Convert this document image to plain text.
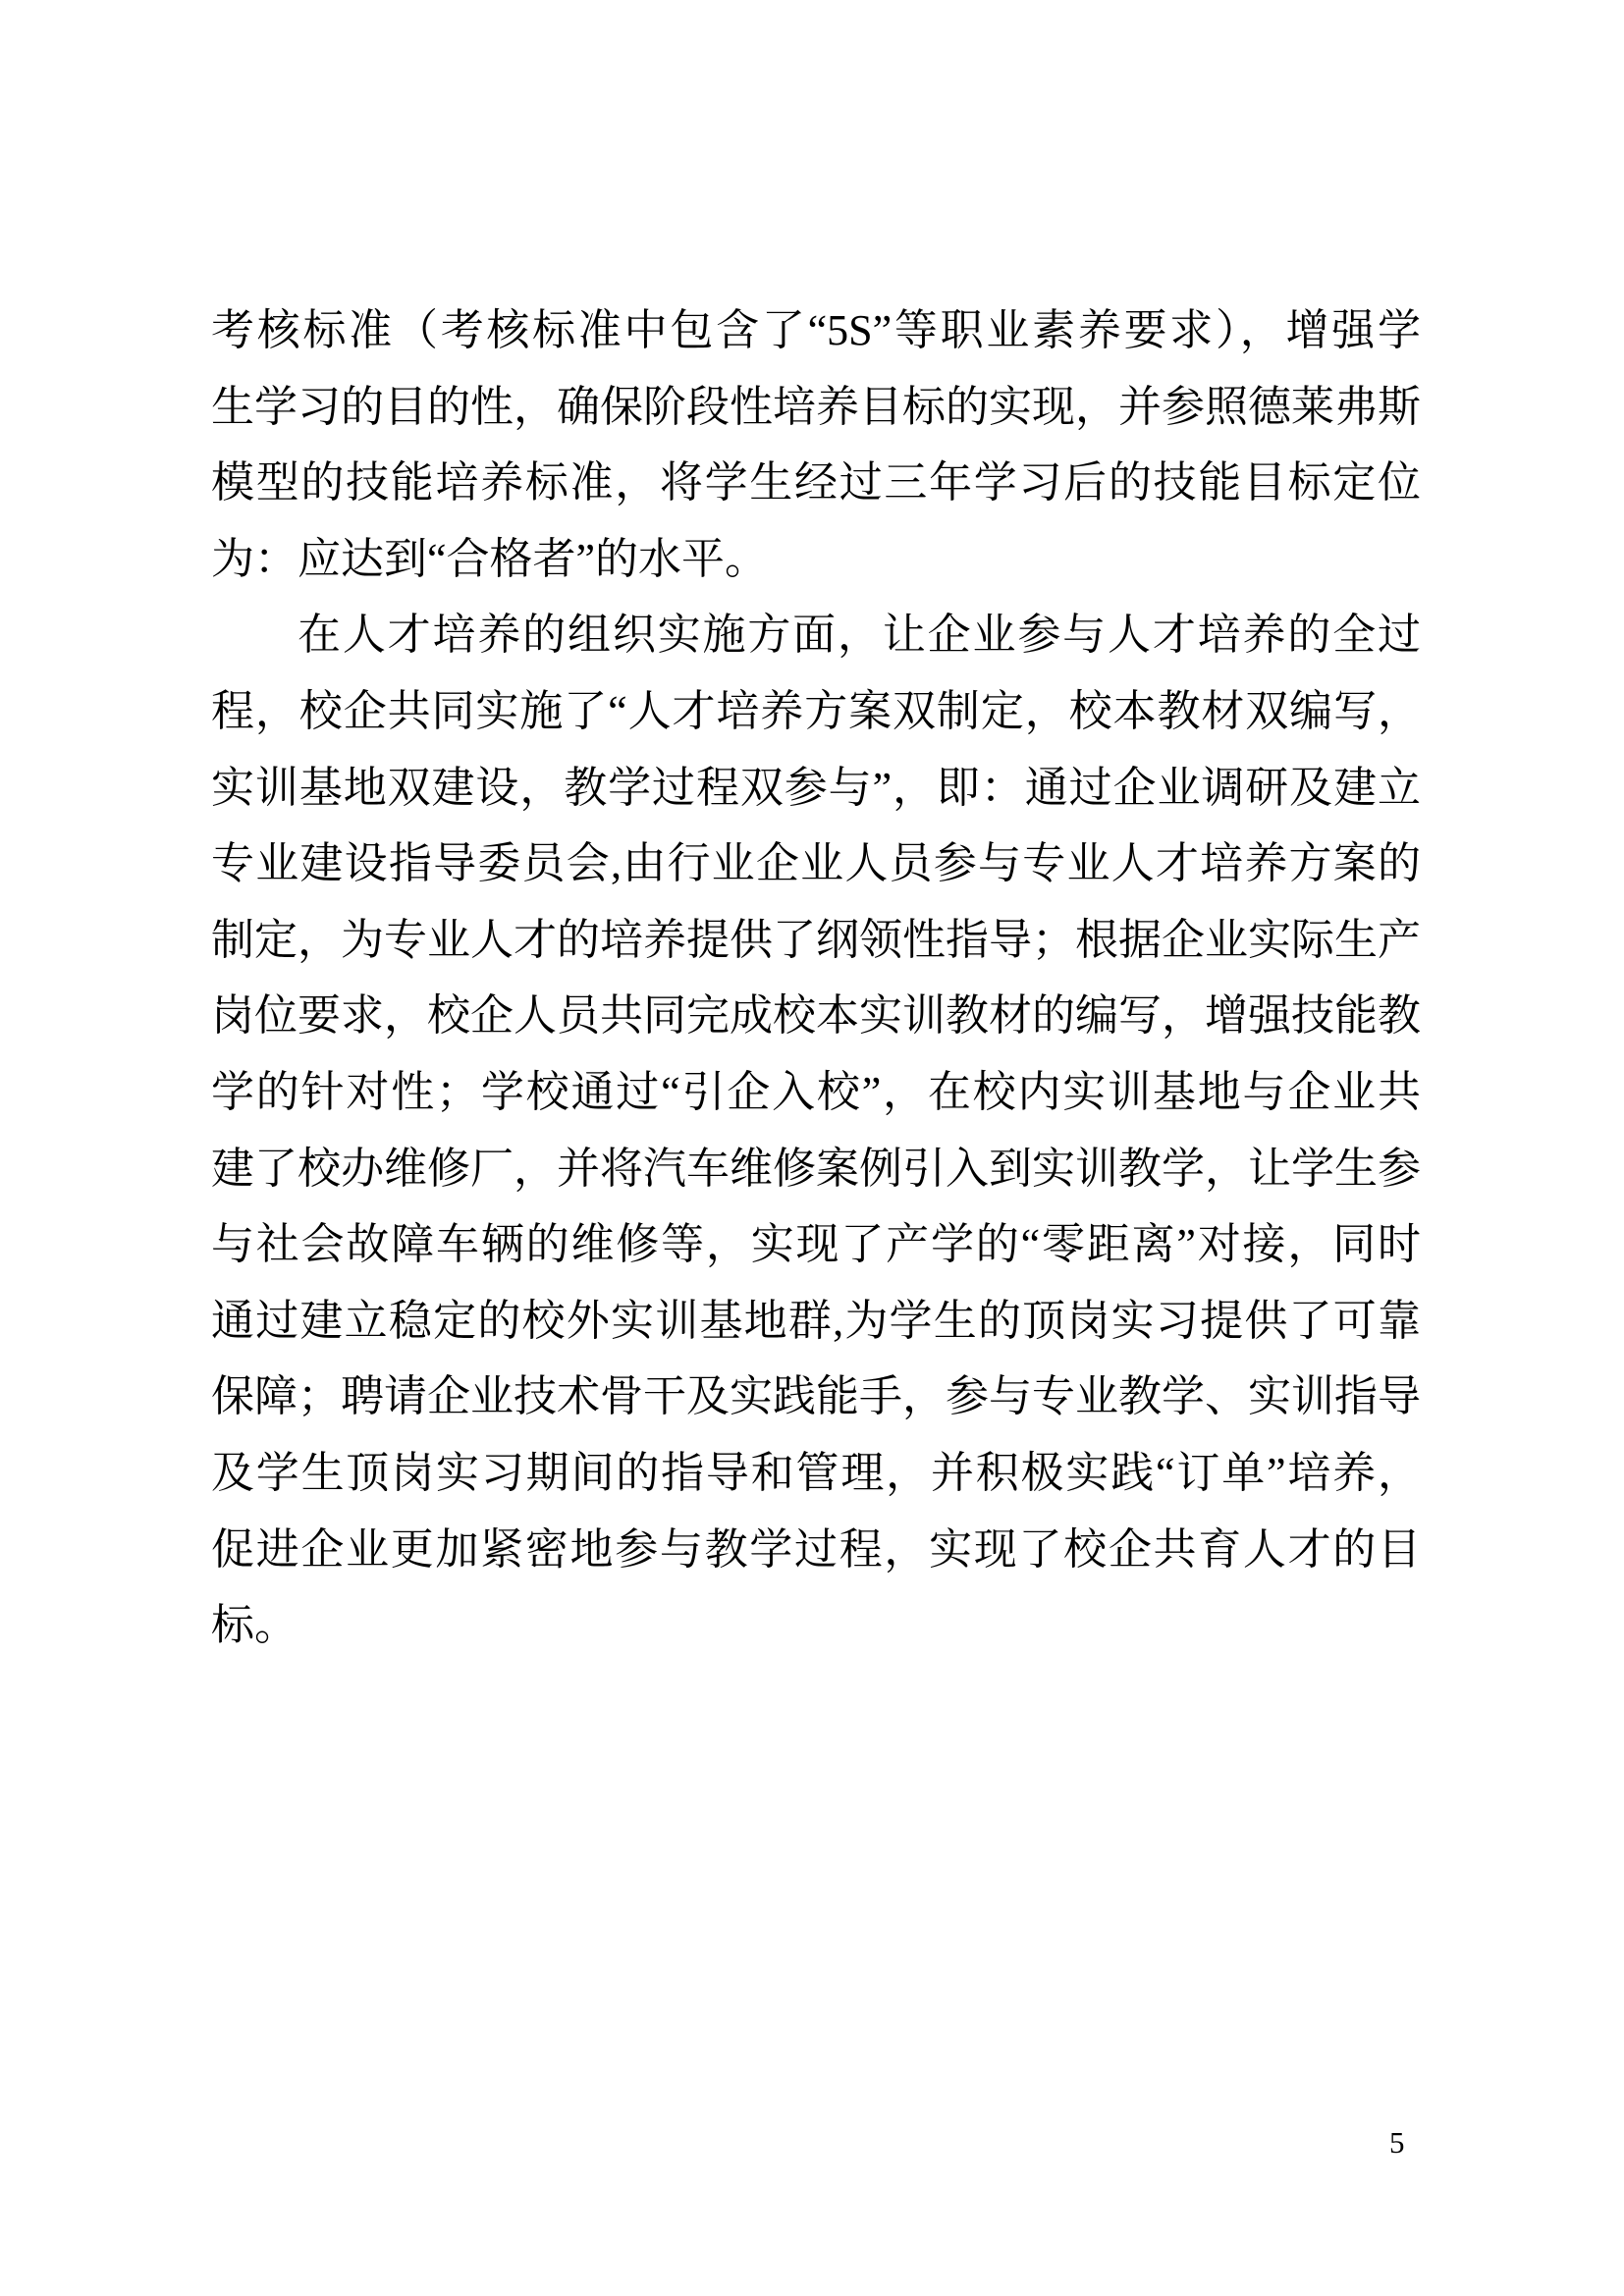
考核标准（考核标准中包含了“5S”等职业素养要求），增强学
生学习的目的性，确保阶段性培养目标的实现，并参照德莱弗斯
模型的技能培养标准，将学生经过三年学习后的技能目标定位
为：应达到“合格者”的水平。
在人才培养的组织实施方面，让企业参与人才培养的全过
程，校企共同实施了“人才培养方案双制定，校本教材双编写，
实训基地双建设，教学过程双参与”，即：通过企业调研及建立
专业建设指导委员会,由行业企业人员参与专业人才培养方案的
制定，为专业人才的培养提供了纲领性指导；根据企业实际生产
岗位要求，校企人员共同完成校本实训教材的编写，增强技能教
学的针对性；学校通过“引企入校”，在校内实训基地与企业共
建了校办维修厂，并将汽车维修案例引入到实训教学，让学生参
与社会故障车辆的维修等，实现了产学的“零距离”对接，同时
通过建立稳定的校外实训基地群,为学生的顶岗实习提供了可靠
保障；聘请企业技术骨干及实践能手，参与专业教学、实训指导
及学生顶岗实习期间的指导和管理，并积极实践“订单”培养，
促进企业更加紧密地参与教学过程，实现了校企共育人才的目
标。
5
